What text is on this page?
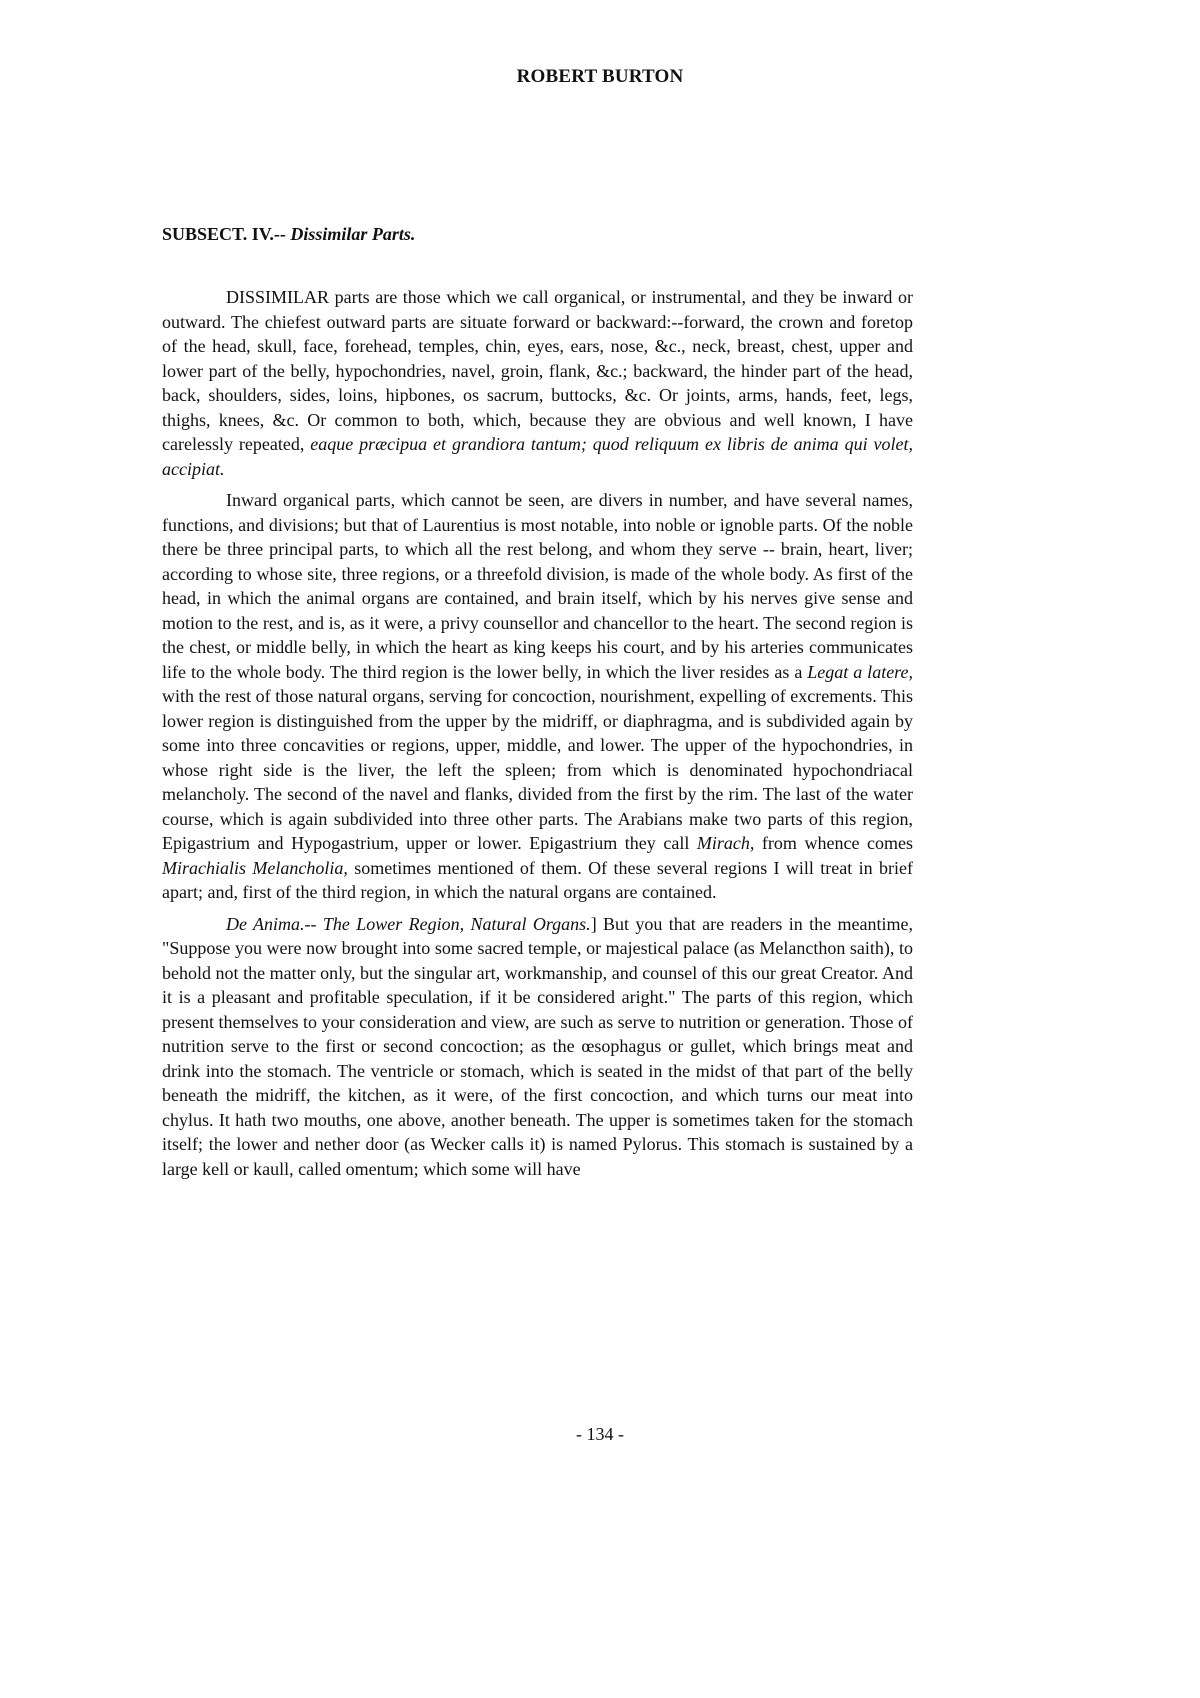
ROBERT BURTON
SUBSECT. IV.-- Dissimilar Parts.

DISSIMILAR parts are those which we call organical, or instrumental, and they be inward or outward. The chiefest outward parts are situate forward or backward:--forward, the crown and foretop of the head, skull, face, forehead, temples, chin, eyes, ears, nose, &c., neck, breast, chest, upper and lower part of the belly, hypochondries, navel, groin, flank, &c.; backward, the hinder part of the head, back, shoulders, sides, loins, hipbones, os sacrum, buttocks, &c. Or joints, arms, hands, feet, legs, thighs, knees, &c. Or common to both, which, because they are obvious and well known, I have carelessly repeated, eaque præcipua et grandiora tantum; quod reliquum ex libris de anima qui volet, accipiat.

Inward organical parts, which cannot be seen, are divers in number, and have several names, functions, and divisions; but that of Laurentius is most notable, into noble or ignoble parts. Of the noble there be three principal parts, to which all the rest belong, and whom they serve -- brain, heart, liver; according to whose site, three regions, or a threefold division, is made of the whole body. As first of the head, in which the animal organs are contained, and brain itself, which by his nerves give sense and motion to the rest, and is, as it were, a privy counsellor and chancellor to the heart. The second region is the chest, or middle belly, in which the heart as king keeps his court, and by his arteries communicates life to the whole body. The third region is the lower belly, in which the liver resides as a Legat a latere, with the rest of those natural organs, serving for concoction, nourishment, expelling of excrements. This lower region is distinguished from the upper by the midriff, or diaphragma, and is subdivided again by some into three concavities or regions, upper, middle, and lower. The upper of the hypochondries, in whose right side is the liver, the left the spleen; from which is denominated hypochondriacal melancholy. The second of the navel and flanks, divided from the first by the rim. The last of the water course, which is again subdivided into three other parts. The Arabians make two parts of this region, Epigastrium and Hypogastrium, upper or lower. Epigastrium they call Mirach, from whence comes Mirachialis Melancholia, sometimes mentioned of them. Of these several regions I will treat in brief apart; and, first of the third region, in which the natural organs are contained.

De Anima.-- The Lower Region, Natural Organs.] But you that are readers in the meantime, "Suppose you were now brought into some sacred temple, or majestical palace (as Melancthon saith), to behold not the matter only, but the singular art, workmanship, and counsel of this our great Creator. And it is a pleasant and profitable speculation, if it be considered aright." The parts of this region, which present themselves to your consideration and view, are such as serve to nutrition or generation. Those of nutrition serve to the first or second concoction; as the œsophagus or gullet, which brings meat and drink into the stomach. The ventricle or stomach, which is seated in the midst of that part of the belly beneath the midriff, the kitchen, as it were, of the first concoction, and which turns our meat into chylus. It hath two mouths, one above, another beneath. The upper is sometimes taken for the stomach itself; the lower and nether door (as Wecker calls it) is named Pylorus. This stomach is sustained by a large kell or kaull, called omentum; which some will have

- 134 -
